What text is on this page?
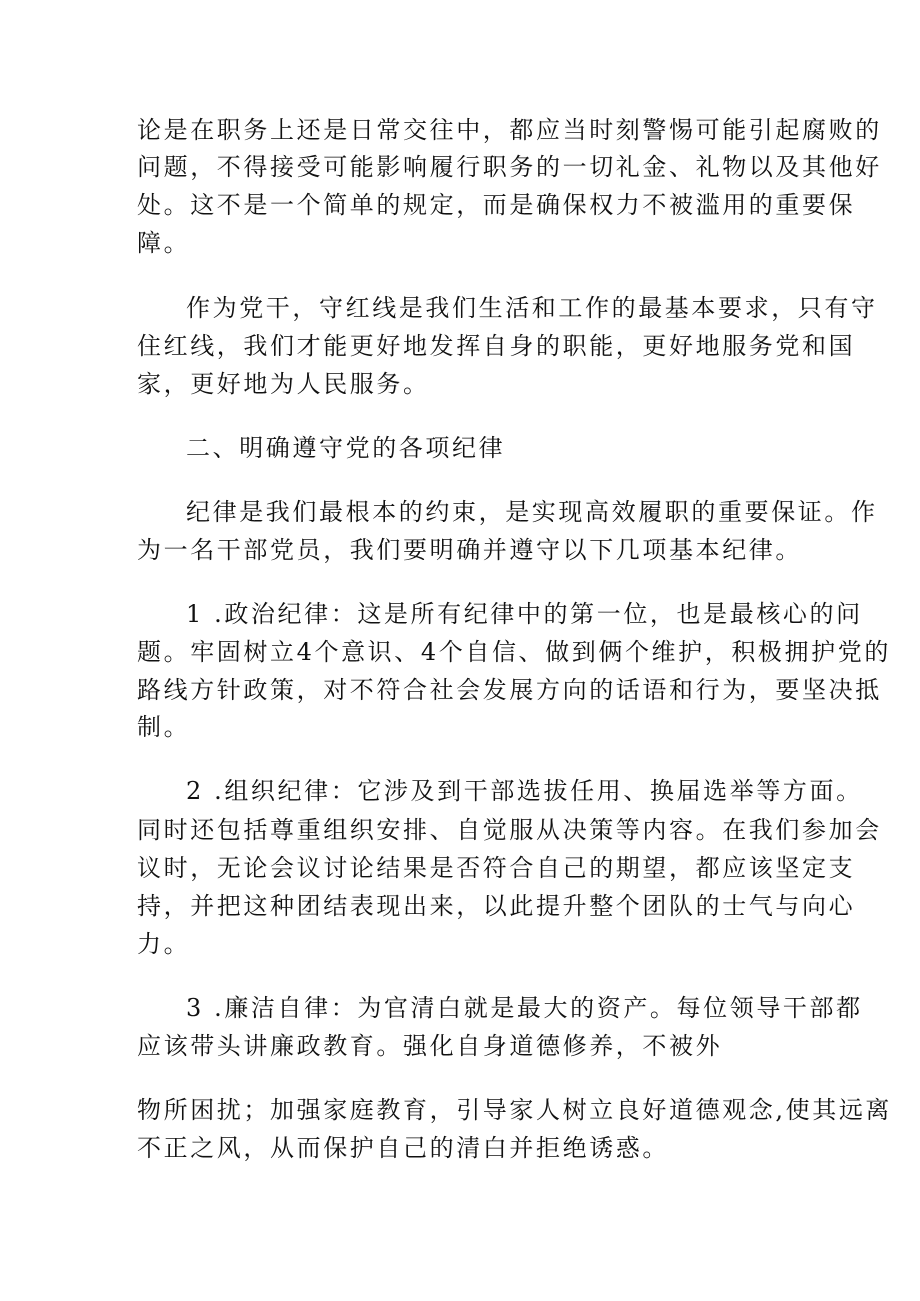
论是在职务上还是日常交往中，都应当时刻警惕可能引起腐败的
问题，不得接受可能影响履行职务的一切礼金、礼物以及其他好
处。这不是一个简单的规定，而是确保权力不被滥用的重要保
障。
作为党干，守红线是我们生活和工作的最基本要求，只有守
住红线，我们才能更好地发挥自身的职能，更好地服务党和国
家，更好地为人民服务。
二、明确遵守党的各项纪律
纪律是我们最根本的约束，是实现高效履职的重要保证。作
为一名干部党员，我们要明确并遵守以下几项基本纪律。
1 .政治纪律：这是所有纪律中的第一位，也是最核心的问
题。牢固树立4个意识、4个自信、做到俩个维护，积极拥护党的
路线方针政策，对不符合社会发展方向的话语和行为，要坚决抵
制。
2 .组织纪律：它涉及到干部选拔任用、换届选举等方面。
同时还包括尊重组织安排、自觉服从决策等内容。在我们参加会
议时，无论会议讨论结果是否符合自己的期望，都应该坚定支
持，并把这种团结表现出来，以此提升整个团队的士气与向心
力。
3 .廉洁自律：为官清白就是最大的资产。每位领导干部都
应该带头讲廉政教育。强化自身道德修养，不被外
物所困扰；加强家庭教育，引导家人树立良好道德观念,使其远离
不正之风，从而保护自己的清白并拒绝诱惑。
